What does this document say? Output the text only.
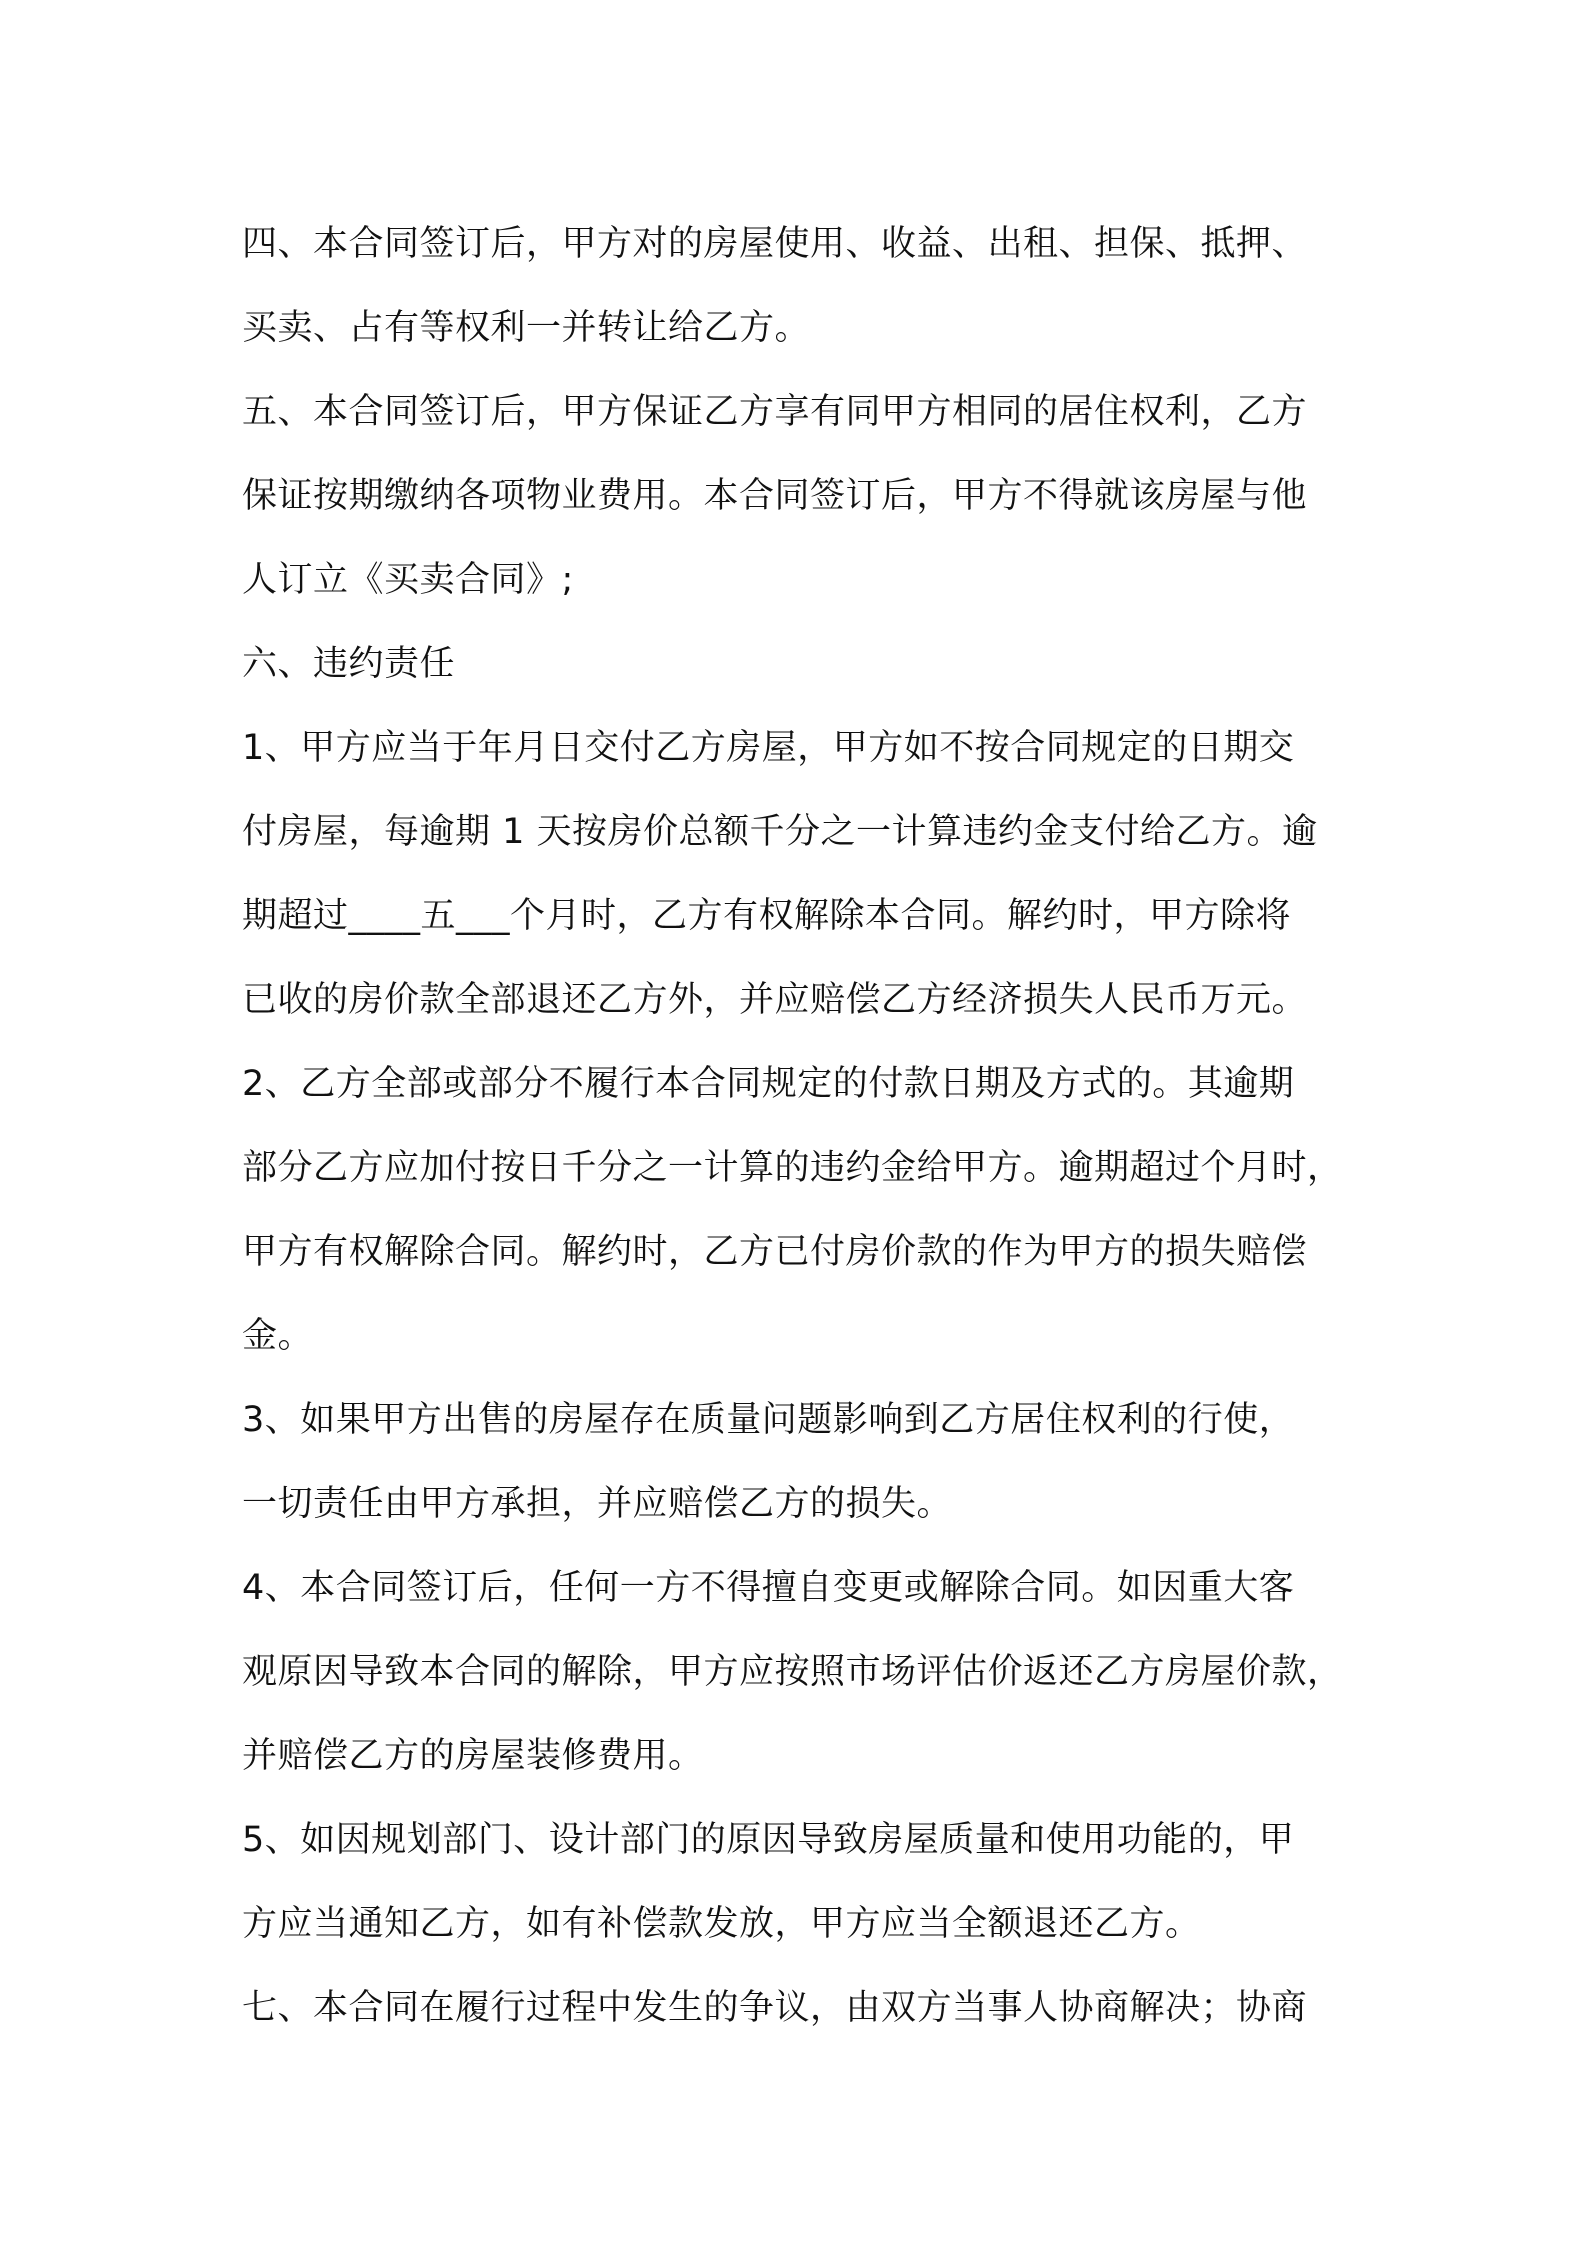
四、本合同签订后，甲方对的房屋使用、收益、出租、担保、抵押、
买卖、占有等权利一并转让给乙方。
五、本合同签订后，甲方保证乙方享有同甲方相同的居住权利，乙方
保证按期缴纳各项物业费用。本合同签订后，甲方不得就该房屋与他
人订立《买卖合同》;
六、违约责任
1、甲方应当于年月日交付乙方房屋，甲方如不按合同规定的日期交
付房屋，每逾期 1 天按房价总额千分之一计算违约金支付给乙方。逾
期超过____五___个月时，乙方有权解除本合同。解约时，甲方除将
已收的房价款全部退还乙方外，并应赔偿乙方经济损失人民币万元。
2、乙方全部或部分不履行本合同规定的付款日期及方式的。其逾期
部分乙方应加付按日千分之一计算的违约金给甲方。逾期超过个月时，
甲方有权解除合同。解约时，乙方已付房价款的作为甲方的损失赔偿
金。
3、如果甲方出售的房屋存在质量问题影响到乙方居住权利的行使，
一切责任由甲方承担，并应赔偿乙方的损失。
4、本合同签订后，任何一方不得擅自变更或解除合同。如因重大客
观原因导致本合同的解除，甲方应按照市场评估价返还乙方房屋价款，
并赔偿乙方的房屋装修费用。
5、如因规划部门、设计部门的原因导致房屋质量和使用功能的，甲
方应当通知乙方，如有补偿款发放，甲方应当全额退还乙方。
七、本合同在履行过程中发生的争议，由双方当事人协商解决；协商
